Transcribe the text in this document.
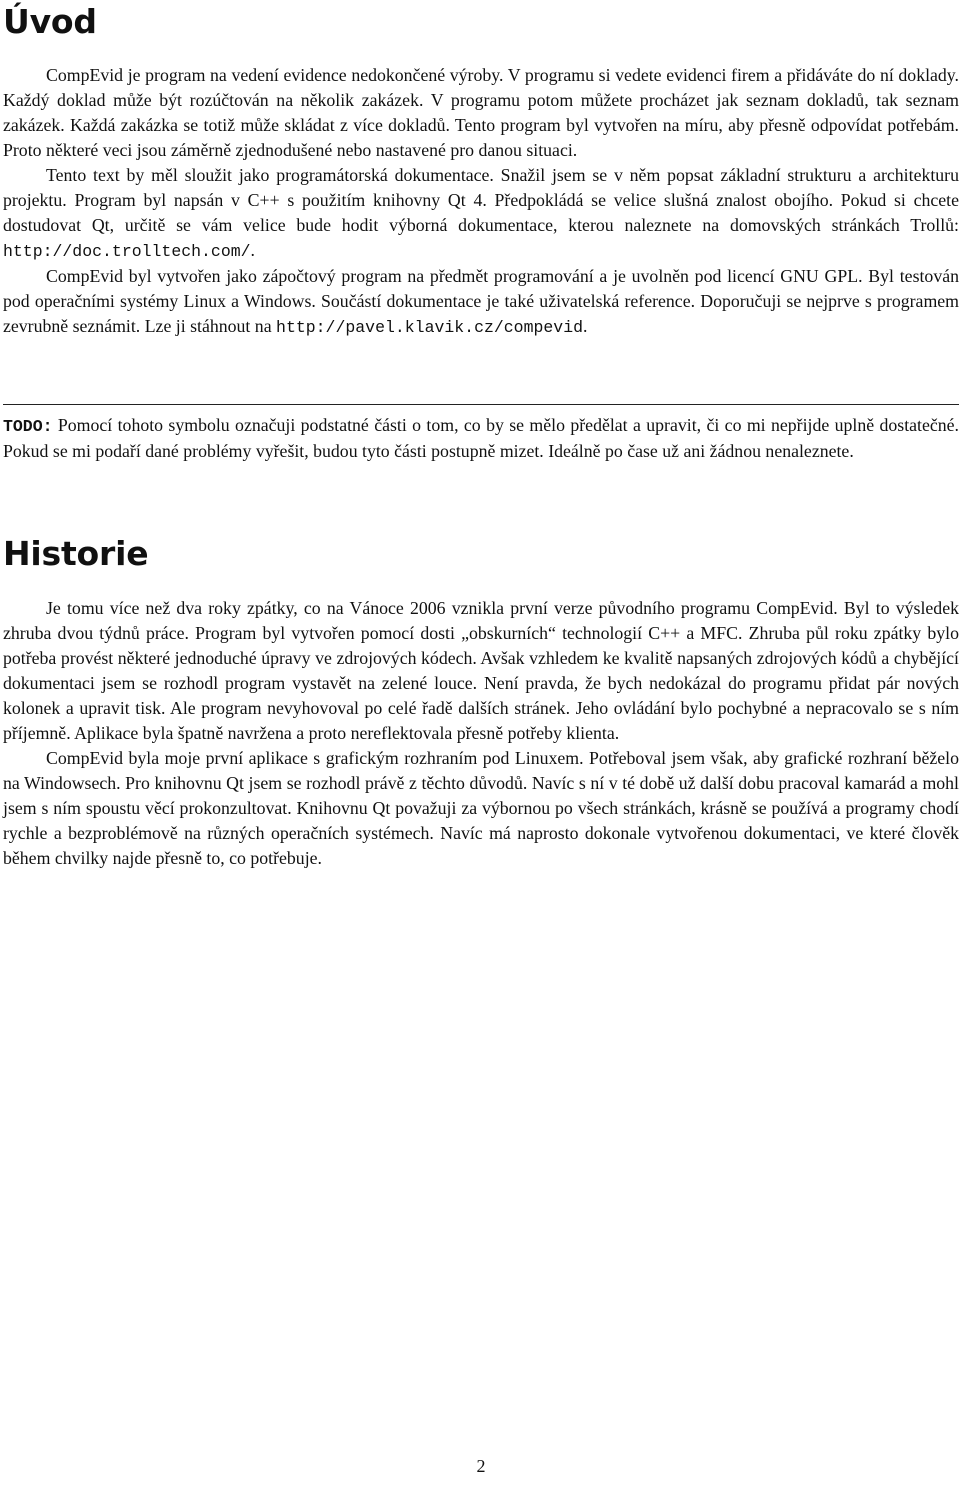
Úvod

CompEvid je program na vedení evidence nedokončené výroby. V programu si vedete evidenci firem a přidáváte do ní doklady. Každý doklad může být rozúčtován na několik zakázek. V programu potom můžete procházet jak seznam dokladů, tak seznam zakázek. Každá zakázka se totiž může skládat z více dokladů. Tento program byl vytvořen na míru, aby přesně odpovídat potřebám. Proto některé veci jsou záměrně zjednodušené nebo nastavené pro danou situaci.

Tento text by měl sloužit jako programátorská dokumentace. Snažil jsem se v něm popsat základní strukturu a architekturu projektu. Program byl napsán v C++ s použitím knihovny Qt 4. Předpokládá se velice slušná znalost obojího. Pokud si chcete dostudovat Qt, určitě se vám velice bude hodit výborná dokumentace, kterou naleznete na domovských stránkách Trollů: http://doc.trolltech.com/.

CompEvid byl vytvořen jako zápočtový program na předmět programování a je uvolněn pod licencí GNU GPL. Byl testován pod operačními systémy Linux a Windows. Součástí dokumentace je také uživatelská reference. Doporučuji se nejprve s programem zevrubně seznámit. Lze ji stáhnout na http://pavel.klavik.cz/compevid.

TODO: Pomocí tohoto symbolu označuji podstatné části o tom, co by se mělo předělat a upravit, či co mi nepřijde uplně dostatečné. Pokud se mi podaří dané problémy vyřešit, budou tyto části postupně mizet. Ideálně po čase už ani žádnou nenaleznete.

Historie

Je tomu více než dva roky zpátky, co na Vánoce 2006 vznikla první verze původního programu CompEvid. Byl to výsledek zhruba dvou týdnů práce. Program byl vytvořen pomocí dosti „obskurních“ technologií C++ a MFC. Zhruba půl roku zpátky bylo potřeba provést některé jednoduché úpravy ve zdrojových kódech. Avšak vzhledem ke kvalitě napsaných zdrojových kódů a chybějící dokumentaci jsem se rozhodl program vystavět na zelené louce. Není pravda, že bych nedokázal do programu přidat pár nových kolonek a upravit tisk. Ale program nevyhovoval po celé řadě dalších stránek. Jeho ovládání bylo pochybné a nepracovalo se s ním příjemně. Aplikace byla špatně navržena a proto nereflektovala přesně potřeby klienta.

CompEvid byla moje první aplikace s grafickým rozhraním pod Linuxem. Potřeboval jsem však, aby grafické rozhraní běželo na Windowsech. Pro knihovnu Qt jsem se rozhodl právě z těchto důvodů. Navíc s ní v té době už další dobu pracoval kamarád a mohl jsem s ním spoustu věcí prokonzultovat. Knihovnu Qt považuji za výbornou po všech stránkách, krásně se používá a programy chodí rychle a bezproblémově na různých operačních systémech. Navíc má naprosto dokonale vytvořenou dokumentaci, ve které člověk během chvilky najde přesně to, co potřebuje.

2
